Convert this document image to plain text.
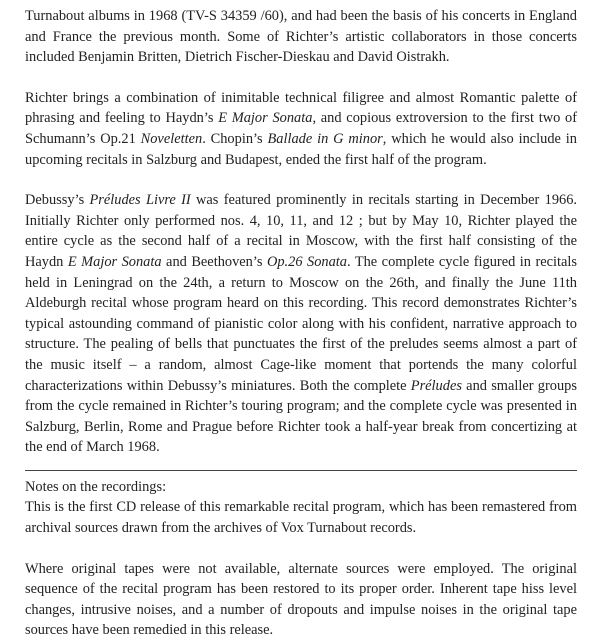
Turnabout albums in 1968 (TV-S 34359 /60), and had been the basis of his concerts in England and France the previous month. Some of Richter’s artistic collaborators in those concerts included Benjamin Britten, Dietrich Fischer-Dieskau and David Oistrakh.

Richter brings a combination of inimitable technical filigree and almost Romantic palette of phrasing and feeling to Haydn’s E Major Sonata, and copious extroversion to the first two of Schumann’s Op.21 Noveletten. Chopin’s Ballade in G minor, which he would also include in upcoming recitals in Salzburg and Budapest, ended the first half of the program.

Debussy’s Préludes Livre II was featured prominently in recitals starting in December 1966. Initially Richter only performed nos. 4, 10, 11, and 12 ; but by May 10, Richter played the entire cycle as the second half of a recital in Moscow, with the first half consisting of the Haydn E Major Sonata and Beethoven’s Op.26 Sonata. The complete cycle figured in recitals held in Leningrad on the 24th, a return to Moscow on the 26th, and finally the June 11th Aldeburgh recital whose program heard on this recording. This record demonstrates Richter’s typical astounding command of pianistic color along with his confident, narrative approach to structure. The pealing of bells that punctuates the first of the preludes seems almost a part of the music itself – a random, almost Cage-like moment that portends the many colorful characterizations within Debussy’s miniatures. Both the complete Préludes and smaller groups from the cycle remained in Richter’s touring program; and the complete cycle was presented in Salzburg, Berlin, Rome and Prague before Richter took a half-year break from concertizing at the end of March 1968.

Notes on the recordings:

This is the first CD release of this remarkable recital program, which has been remastered from archival sources drawn from the archives of Vox Turnabout records.

Where original tapes were not available, alternate sources were employed. The original sequence of the recital program has been restored to its proper order. Inherent tape hiss level changes, intrusive noises, and a number of dropouts and impulse noises in the original tape sources have been remedied in this release.
